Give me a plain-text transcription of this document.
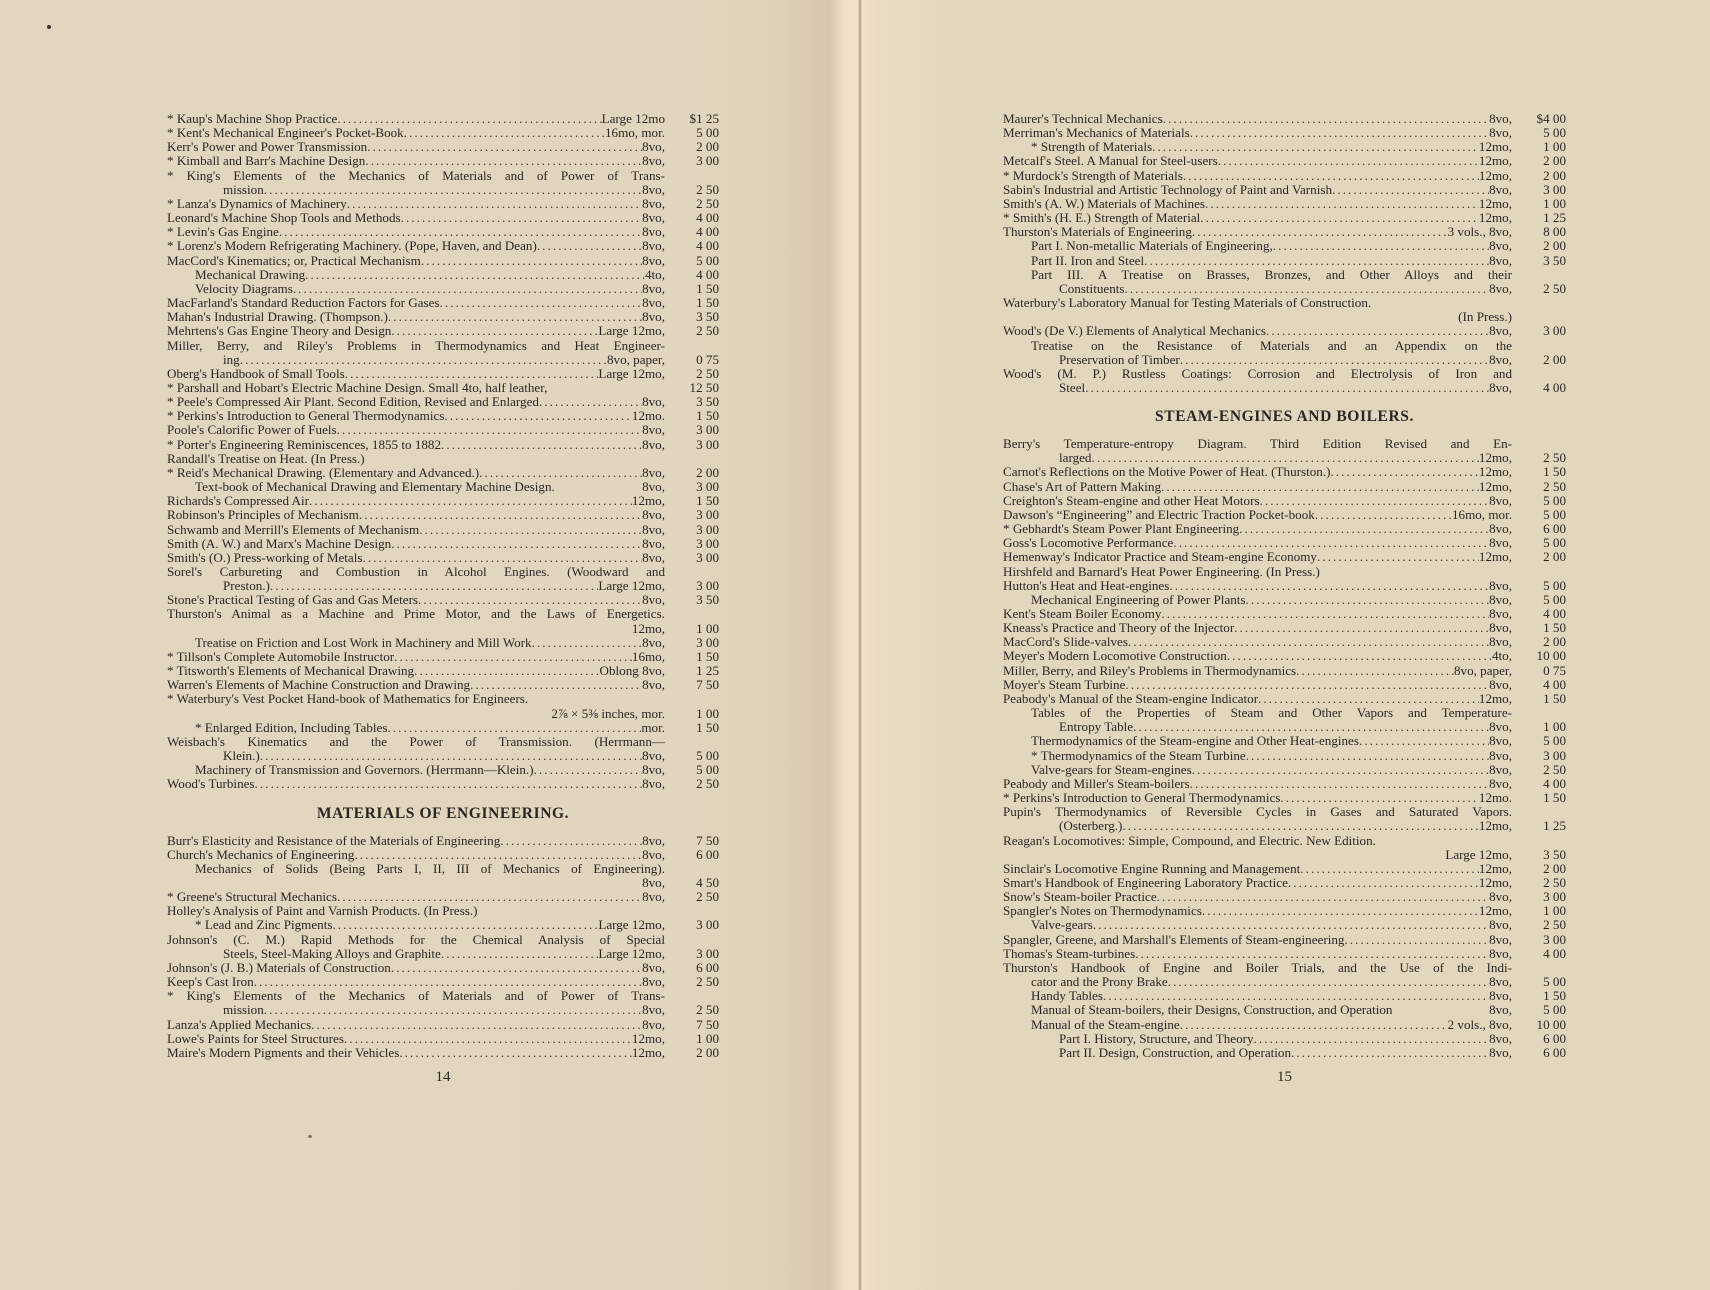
* Kaup's Machine Shop Practice . . .	Large 12mo	$1 25
* Kent's Mechanical Engineer's Pocket-Book . . .	16mo, mor.	5 00
Kerr's Power and Power Transmission . . .	8vo,	2 00
* Kimball and Barr's Machine Design . . .	8vo,	3 00
* King's Elements of the Mechanics of Materials and of Power of Trans-
mission . . .	8vo,	2 50
* Lanza's Dynamics of Machinery . . .	8vo,	2 50
Leonard's Machine Shop Tools and Methods . . .	8vo,	4 00
* Levin's Gas Engine . . .	8vo,	4 00
* Lorenz's Modern Refrigerating Machinery. (Pope, Haven, and Dean) . . .	8vo,	4 00
MacCord's Kinematics; or, Practical Mechanism . . .	8vo,	5 00
Mechanical Drawing . . .	4to,	4 00
Velocity Diagrams . . .	8vo,	1 50
MacFarland's Standard Reduction Factors for Gases . . .	8vo,	1 50
Mahan's Industrial Drawing. (Thompson.) . . .	8vo,	3 50
Mehrtens's Gas Engine Theory and Design . . .	Large 12mo,	2 50
Miller, Berry, and Riley's Problems in Thermodynamics and Heat Engineer-
ing . . .	8vo, paper,	0 75
Oberg's Handbook of Small Tools . . .	Large 12mo,	2 50
* Parshall and Hobart's Electric Machine Design. Small 4to, half leather,	12 50
* Peele's Compressed Air Plant. Second Edition, Revised and Enlarged . . .	8vo,	3 50
* Perkins's Introduction to General Thermodynamics . . .	12mo.	1 50
Poole's Calorific Power of Fuels . . .	8vo,	3 00
* Porter's Engineering Reminiscences, 1855 to 1882 . . .	8vo,	3 00
Randall's Treatise on Heat. (In Press.)
* Reid's Mechanical Drawing. (Elementary and Advanced.) . . .	8vo,	2 00
Text-book of Mechanical Drawing and Elementary Machine Design.	8vo,	3 00
Richards's Compressed Air . . .	12mo,	1 50
Robinson's Principles of Mechanism . . .	8vo,	3 00
Schwamb and Merrill's Elements of Mechanism . . .	8vo,	3 00
Smith (A. W.) and Marx's Machine Design . . .	8vo,	3 00
Smith's (O.) Press-working of Metals . . .	8vo,	3 00
Sorel's Carbureting and Combustion in Alcohol Engines. (Woodward and
Preston.) . . .	Large 12mo,	3 00
Stone's Practical Testing of Gas and Gas Meters . . .	8vo,	3 50
Thurston's Animal as a Machine and Prime Motor, and the Laws of Energetics.
12mo,	1 00
Treatise on Friction and Lost Work in Machinery and Mill Work . . .	8vo,	3 00
* Tillson's Complete Automobile Instructor . . .	16mo,	1 50
* Titsworth's Elements of Mechanical Drawing . . .	Oblong 8vo,	1 25
Warren's Elements of Machine Construction and Drawing . . .	8vo,	7 50
* Waterbury's Vest Pocket Hand-book of Mathematics for Engineers.
2⅞ × 5⅜ inches, mor.	1 00
* Enlarged Edition, Including Tables . . .	mor.	1 50
Weisbach's Kinematics and the Power of Transmission. (Herrmann—
Klein.) . . .	8vo,	5 00
Machinery of Transmission and Governors. (Herrmann—Klein.) . . .	8vo,	5 00
Wood's Turbines . . .	8vo,	2 50
MATERIALS OF ENGINEERING.
Burr's Elasticity and Resistance of the Materials of Engineering . . .	8vo,	7 50
Church's Mechanics of Engineering . . .	8vo,	6 00
Mechanics of Solids (Being Parts I, II, III of Mechanics of Engineering).
8vo,	4 50
* Greene's Structural Mechanics . . .	8vo,	2 50
Holley's Analysis of Paint and Varnish Products. (In Press.)
* Lead and Zinc Pigments . . .	Large 12mo,	3 00
Johnson's (C. M.) Rapid Methods for the Chemical Analysis of Special
Steels, Steel-Making Alloys and Graphite . . .	Large 12mo,	3 00
Johnson's (J. B.) Materials of Construction . . .	8vo,	6 00
Keep's Cast Iron . . .	8vo,	2 50
* King's Elements of the Mechanics of Materials and of Power of Trans-
mission . . .	8vo,	2 50
Lanza's Applied Mechanics . . .	8vo,	7 50
Lowe's Paints for Steel Structures . . .	12mo,	1 00
Maire's Modern Pigments and their Vehicles . . .	12mo,	2 00
14
Maurer's Technical Mechanics . . .	8vo,	$4 00
Merriman's Mechanics of Materials . . .	8vo,	5 00
* Strength of Materials . . .	12mo,	1 00
Metcalf's Steel. A Manual for Steel-users . . .	12mo,	2 00
* Murdock's Strength of Materials . . .	12mo,	2 00
Sabin's Industrial and Artistic Technology of Paint and Varnish . . .	8vo,	3 00
Smith's (A. W.) Materials of Machines . . .	12mo,	1 00
* Smith's (H. E.) Strength of Material . . .	12mo,	1 25
Thurston's Materials of Engineering . . .	3 vols., 8vo,	8 00
Part I. Non-metallic Materials of Engineering, . . .	8vo,	2 00
Part II. Iron and Steel . . .	8vo,	3 50
Part III. A Treatise on Brasses, Bronzes, and Other Alloys and their
Constituents . . .	8vo,	2 50
Waterbury's Laboratory Manual for Testing Materials of Construction.
(In Press.)
Wood's (De V.) Elements of Analytical Mechanics . . .	8vo,	3 00
Treatise on the Resistance of Materials and an Appendix on the
Preservation of Timber . . .	8vo,	2 00
Wood's (M. P.) Rustless Coatings: Corrosion and Electrolysis of Iron and
Steel . . .	8vo,	4 00
STEAM-ENGINES AND BOILERS.
Berry's Temperature-entropy Diagram. Third Edition Revised and En-
larged . . .	12mo,	2 50
Carnot's Reflections on the Motive Power of Heat. (Thurston.) . . .	12mo,	1 50
Chase's Art of Pattern Making . . .	12mo,	2 50
Creighton's Steam-engine and other Heat Motors . . .	8vo,	5 00
Dawson's “Engineering” and Electric Traction Pocket-book . . .	16mo, mor.	5 00
* Gebhardt's Steam Power Plant Engineering . . .	8vo,	6 00
Goss's Locomotive Performance . . .	8vo,	5 00
Hemenway's Indicator Practice and Steam-engine Economy . . .	12mo,	2 00
Hirshfeld and Barnard's Heat Power Engineering. (In Press.)
Hutton's Heat and Heat-engines . . .	8vo,	5 00
Mechanical Engineering of Power Plants . . .	8vo,	5 00
Kent's Steam Boiler Economy . . .	8vo,	4 00
Kneass's Practice and Theory of the Injector . . .	8vo,	1 50
MacCord's Slide-valves . . .	8vo,	2 00
Meyer's Modern Locomotive Construction . . .	4to,	10 00
Miller, Berry, and Riley's Problems in Thermodynamics . . .	8vo, paper,	0 75
Moyer's Steam Turbine . . .	8vo,	4 00
Peabody's Manual of the Steam-engine Indicator . . .	12mo,	1 50
Tables of the Properties of Steam and Other Vapors and Temperature-
Entropy Table . . .	8vo,	1 00
Thermodynamics of the Steam-engine and Other Heat-engines . . .	8vo,	5 00
* Thermodynamics of the Steam Turbine . . .	8vo,	3 00
Valve-gears for Steam-engines . . .	8vo,	2 50
Peabody and Miller's Steam-boilers . . .	8vo,	4 00
* Perkins's Introduction to General Thermodynamics . . .	12mo.	1 50
Pupin's Thermodynamics of Reversible Cycles in Gases and Saturated Vapors.
(Osterberg.) . . .	12mo,	1 25
Reagan's Locomotives: Simple, Compound, and Electric. New Edition.
Large 12mo,	3 50
Sinclair's Locomotive Engine Running and Management . . .	12mo,	2 00
Smart's Handbook of Engineering Laboratory Practice . . .	12mo,	2 50
Snow's Steam-boiler Practice . . .	8vo,	3 00
Spangler's Notes on Thermodynamics . . .	12mo,	1 00
Valve-gears . . .	8vo,	2 50
Spangler, Greene, and Marshall's Elements of Steam-engineering . . .	8vo,	3 00
Thomas's Steam-turbines . . .	8vo,	4 00
Thurston's Handbook of Engine and Boiler Trials, and the Use of the Indi-
cator and the Prony Brake . . .	8vo,	5 00
Handy Tables . . .	8vo,	1 50
Manual of Steam-boilers, their Designs, Construction, and Operation	8vo,	5 00
Manual of the Steam-engine . . .	2 vols., 8vo,	10 00
Part I. History, Structure, and Theory . . .	8vo,	6 00
Part II. Design, Construction, and Operation . . .	8vo,	6 00
15
